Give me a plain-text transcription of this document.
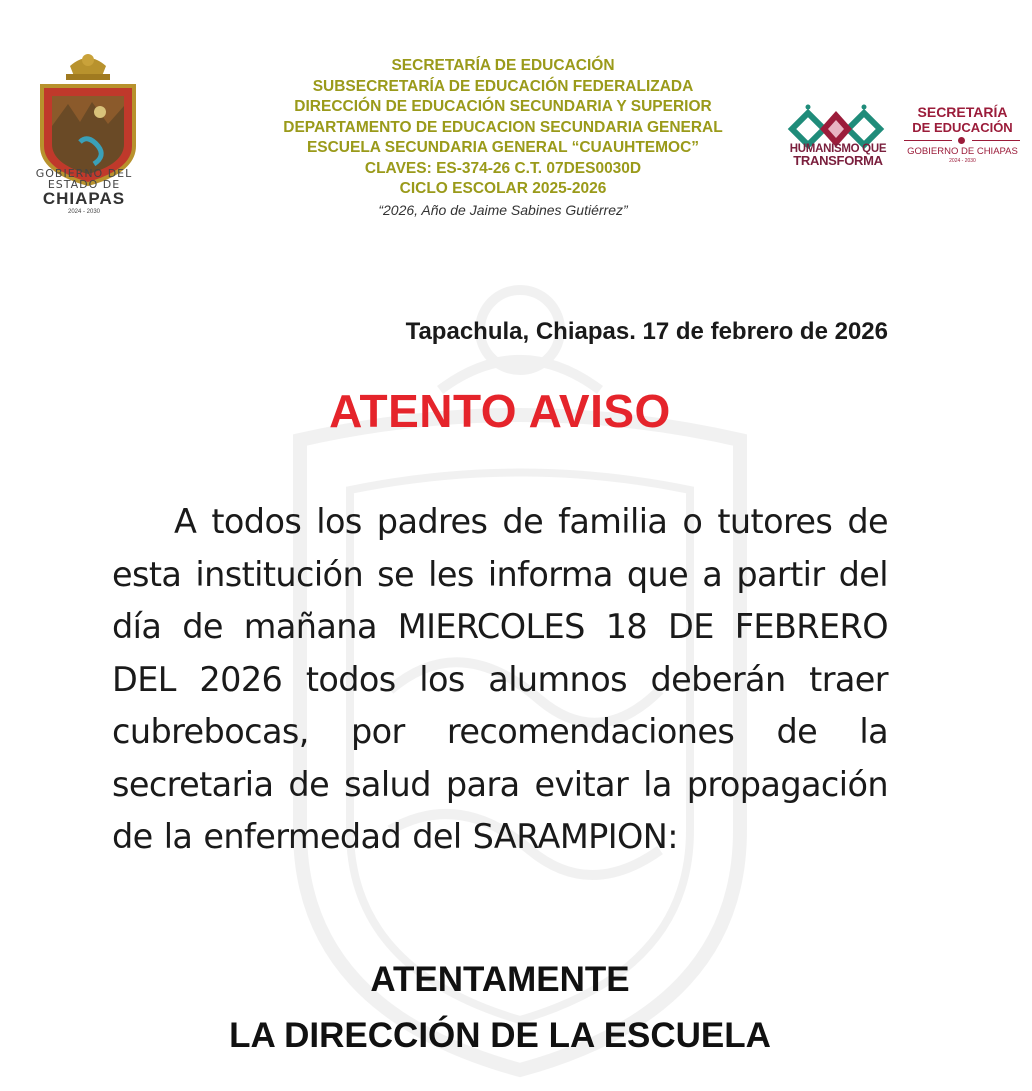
GOBIERNO DEL
ESTADO DE
CHIAPAS
2024 - 2030
SECRETARÍA DE EDUCACIÓN
SUBSECRETARÍA DE EDUCACIÓN FEDERALIZADA
DIRECCIÓN DE EDUCACIÓN SECUNDARIA Y SUPERIOR
DEPARTAMENTO DE EDUCACION SECUNDARIA GENERAL
ESCUELA SECUNDARIA GENERAL “CUAUHTEMOC”
CLAVES: ES-374-26 C.T. 07DES0030D
CICLO ESCOLAR 2025-2026
“2026, Año de Jaime Sabines Gutiérrez”
HUMANISMO QUE
TRANSFORMA
SECRETARÍA
DE EDUCACIÓN
GOBIERNO DE CHIAPAS
2024 - 2030
Tapachula, Chiapas. 17 de febrero de 2026
ATENTO AVISO
A todos los padres de familia o tutores de esta institución se les informa que a partir del día de mañana MIERCOLES 18 DE FEBRERO DEL 2026 todos los alumnos deberán traer cubrebocas, por recomendaciones de la secretaria de salud para evitar la propagación de la enfermedad del SARAMPION:
ATENTAMENTE
LA DIRECCIÓN DE LA ESCUELA
